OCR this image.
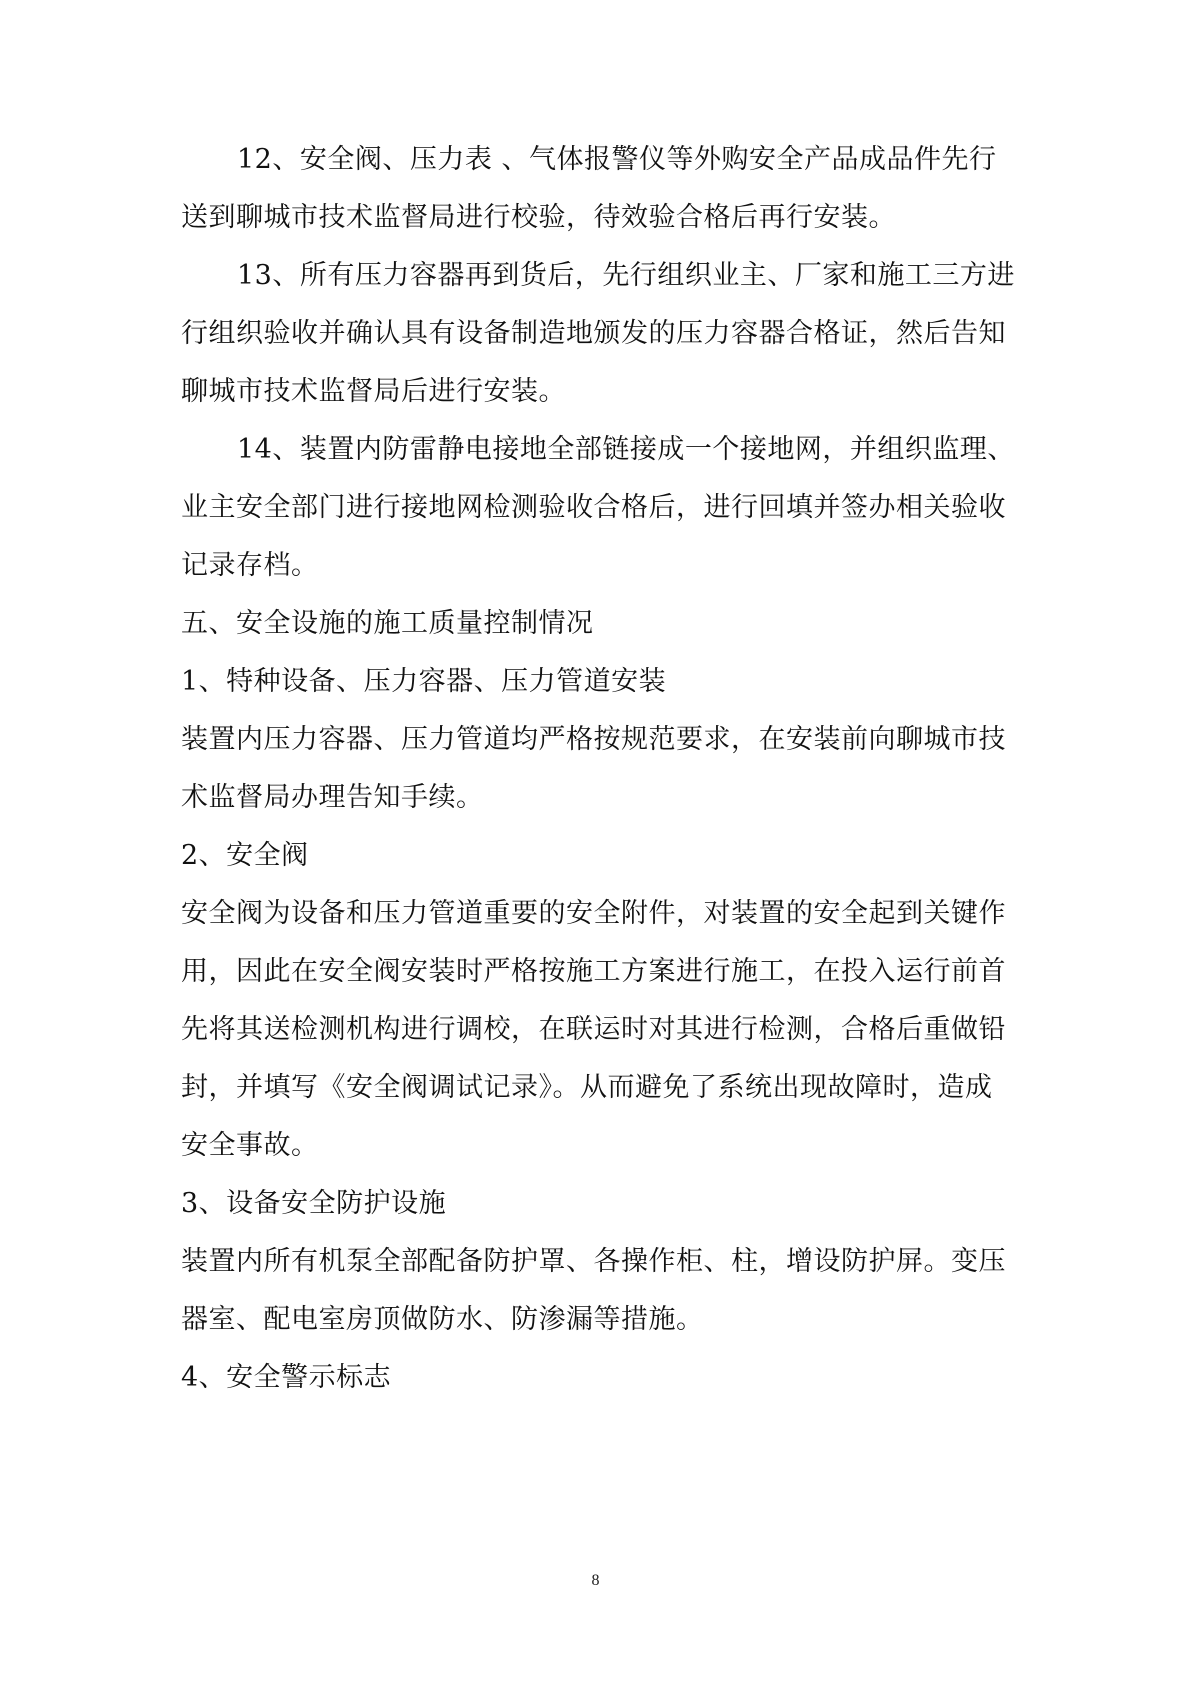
12、安全阀、压力表 、气体报警仪等外购安全产品成品件先行
送到聊城市技术监督局进行校验，待效验合格后再行安装。
13、所有压力容器再到货后，先行组织业主、厂家和施工三方进
行组织验收并确认具有设备制造地颁发的压力容器合格证，然后告知
聊城市技术监督局后进行安装。
14、装置内防雷静电接地全部链接成一个接地网，并组织监理、
业主安全部门进行接地网检测验收合格后，进行回填并签办相关验收
记录存档。
五、安全设施的施工质量控制情况
1、特种设备、压力容器、压力管道安装
装置内压力容器、压力管道均严格按规范要求，在安装前向聊城市技
术监督局办理告知手续。
2、安全阀
安全阀为设备和压力管道重要的安全附件，对装置的安全起到关键作
用，因此在安全阀安装时严格按施工方案进行施工，在投入运行前首
先将其送检测机构进行调校，在联运时对其进行检测，合格后重做铅
封，并填写《安全阀调试记录》。从而避免了系统出现故障时，造成
安全事故。
3、设备安全防护设施
装置内所有机泵全部配备防护罩、各操作柜、柱，增设防护屏。变压
器室、配电室房顶做防水、防渗漏等措施。
4、安全警示标志
8
